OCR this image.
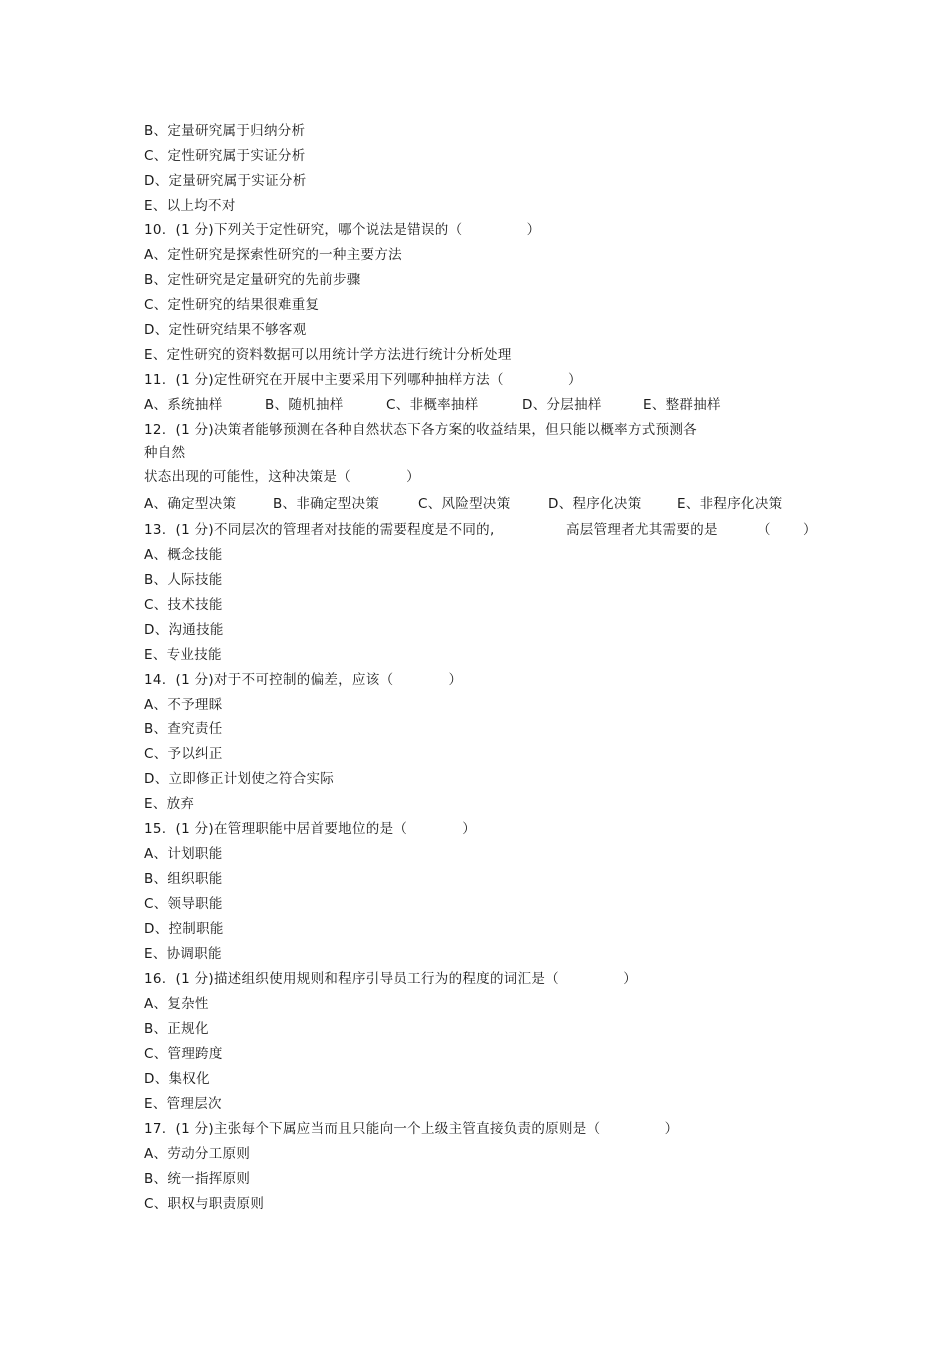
B、定量研究属于归纳分析
C、定性研究属于实证分析
D、定量研究属于实证分析
E、以上均不对
10.  (1 分)下列关于定性研究，哪个说法是错误的（              ）
A、定性研究是探索性研究的一种主要方法
B、定性研究是定量研究的先前步骤
C、定性研究的结果很难重复
D、定性研究结果不够客观
E、定性研究的资料数据可以用统计学方法进行统计分析处理
11.  (1 分)定性研究在开展中主要采用下列哪种抽样方法（              ）

A、系统抽样

	B、随机抽样

	C、非概率抽样

	D、分层抽样

	E、整群抽样

12.  (1 分)决策者能够预测在各种自然状态下各方案的收益结果，但只能以概率方式预测各
种自然
状态出现的可能性，这种决策是（            ）

A、确定型决策

	B、非确定型决策

	C、风险型决策

	D、程序化决策

	E、非程序化决策

13.  (1 分)不同层次的管理者对技能的需要程度是不同的,

	高层管理者尤其需要的是

	（       ）

A、概念技能
B、人际技能
C、技术技能
D、沟通技能
E、专业技能
14.  (1 分)对于不可控制的偏差，应该（            ）
A、不予理睬
B、查究责任
C、予以纠正
D、立即修正计划使之符合实际
E、放弃
15.  (1 分)在管理职能中居首要地位的是（            ）
A、计划职能
B、组织职能
C、领导职能
D、控制职能
E、协调职能
16.  (1 分)描述组织使用规则和程序引导员工行为的程度的词汇是（              ）
A、复杂性
B、正规化
C、管理跨度
D、集权化
E、管理层次
17.  (1 分)主张每个下属应当而且只能向一个上级主管直接负责的原则是（              ）
A、劳动分工原则
B、统一指挥原则
C、职权与职责原则
